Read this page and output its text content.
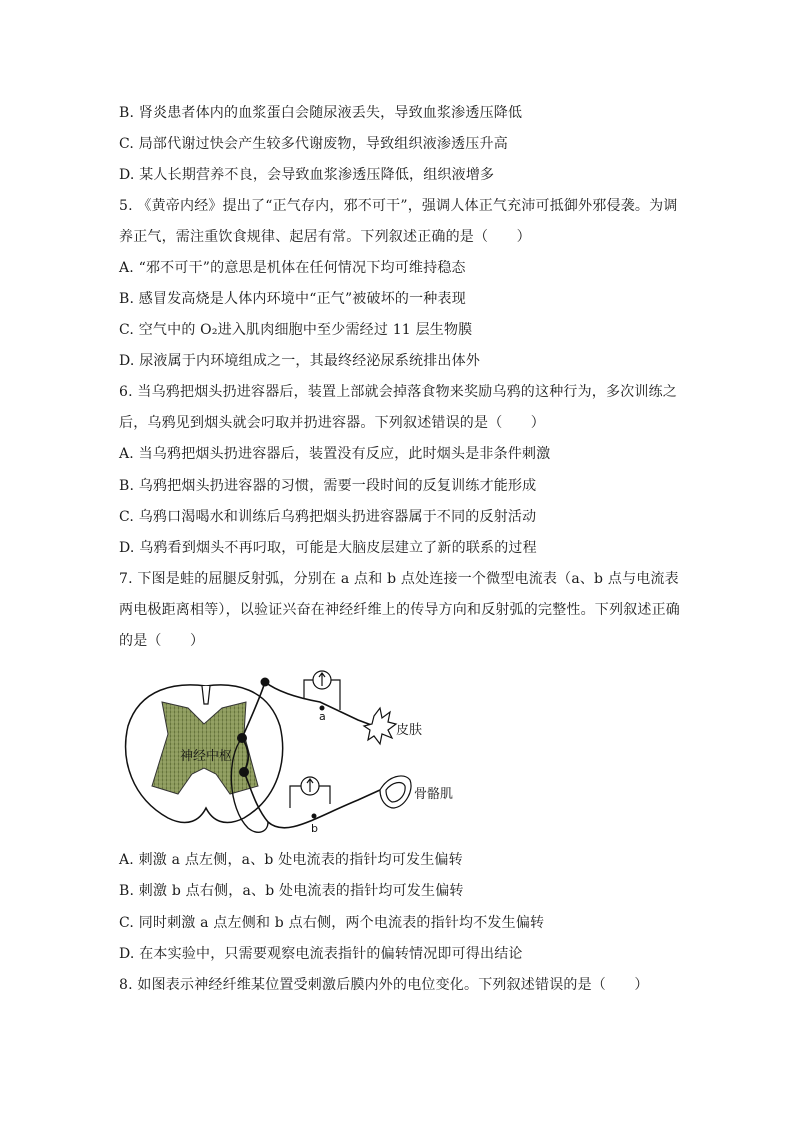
B. 肾炎患者体内的血浆蛋白会随尿液丢失，导致血浆渗透压降低
C. 局部代谢过快会产生较多代谢废物，导致组织液渗透压升高
D. 某人长期营养不良，会导致血浆渗透压降低，组织液增多
5. 《黄帝内经》提出了“正气存内，邪不可干”，强调人体正气充沛可抵御外邪侵袭。为调
养正气，需注重饮食规律、起居有常。下列叙述正确的是（　　）
A. “邪不可干”的意思是机体在任何情况下均可维持稳态
B. 感冒发高烧是人体内环境中“正气”被破坏的一种表现
C. 空气中的 O₂进入肌肉细胞中至少需经过 11 层生物膜
D. 尿液属于内环境组成之一，其最终经泌尿系统排出体外
6. 当乌鸦把烟头扔进容器后，装置上部就会掉落食物来奖励乌鸦的这种行为，多次训练之
后，乌鸦见到烟头就会叼取并扔进容器。下列叙述错误的是（　　）
A. 当乌鸦把烟头扔进容器后，装置没有反应，此时烟头是非条件刺激
B. 乌鸦把烟头扔进容器的习惯，需要一段时间的反复训练才能形成
C. 乌鸦口渴喝水和训练后乌鸦把烟头扔进容器属于不同的反射活动
D. 乌鸦看到烟头不再叼取，可能是大脑皮层建立了新的联系的过程
7. 下图是蛙的屈腿反射弧，分别在 a 点和 b 点处连接一个微型电流表（a、b 点与电流表
两电极距离相等），以验证兴奋在神经纤维上的传导方向和反射弧的完整性。下列叙述正确
的是（　　）
神经中枢
a
皮肤
b
骨骼肌
A. 刺激 a 点左侧，a、b 处电流表的指针均可发生偏转
B. 刺激 b 点右侧，a、b 处电流表的指针均可发生偏转
C. 同时刺激 a 点左侧和 b 点右侧，两个电流表的指针均不发生偏转
D. 在本实验中，只需要观察电流表指针的偏转情况即可得出结论
8. 如图表示神经纤维某位置受刺激后膜内外的电位变化。下列叙述错误的是（　　）
